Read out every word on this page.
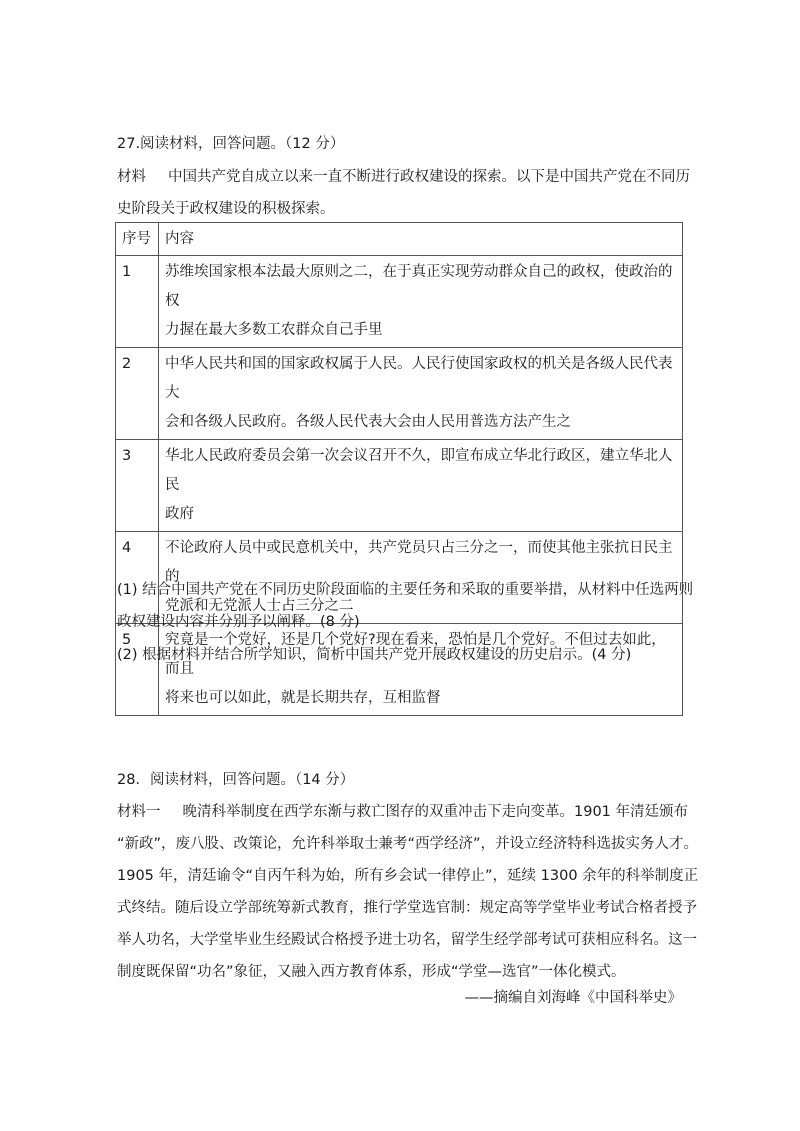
27.阅读材料，回答问题。（12 分）
材料 中国共产党自成立以来一直不断进行政权建设的探索。以下是中国共产党在不同历
史阶段关于政权建设的积极探索。
序号	内容
1	苏维埃国家根本法最大原则之二，在于真正实现劳动群众自己的政权，使政治的权
力握在最大多数工农群众自己手里

2	中华人民共和国的国家政权属于人民。人民行使国家政权的机关是各级人民代表大
会和各级人民政府。各级人民代表大会由人民用普选方法产生之

3	华北人民政府委员会第一次会议召开不久，即宣布成立华北行政区，建立华北人民
政府

4	不论政府人员中或民意机关中，共产党员只占三分之一，而使其他主张抗日民主的
党派和无党派人士占三分之二

5	究竟是一个党好，还是几个党好?现在看来，恐怕是几个党好。不但过去如此，而且
将来也可以如此，就是长期共存，互相监督
(1) 结合中国共产党在不同历史阶段面临的主要任务和采取的重要举措，从材料中任选两则
政权建设内容并分别予以阐释。(8 分)
(2) 根据材料并结合所学知识，简析中国共产党开展政权建设的历史启示。(4 分)
28．阅读材料，回答问题。（14 分）
材料一 晚清科举制度在西学东渐与救亡图存的双重冲击下走向变革。1901 年清廷颁布
“新政”，废八股、改策论，允许科举取士兼考“西学经济”，并设立经济特科选拔实务人才。
1905 年，清廷谕令“自丙午科为始，所有乡会试一律停止”，延续 1300 余年的科举制度正
式终结。随后设立学部统筹新式教育，推行学堂选官制：规定高等学堂毕业考试合格者授予
举人功名，大学堂毕业生经殿试合格授予进士功名，留学生经学部考试可获相应科名。这一
制度既保留“功名”象征，又融入西方教育体系，形成“学堂—选官”一体化模式。
——摘编自刘海峰《中国科举史》
